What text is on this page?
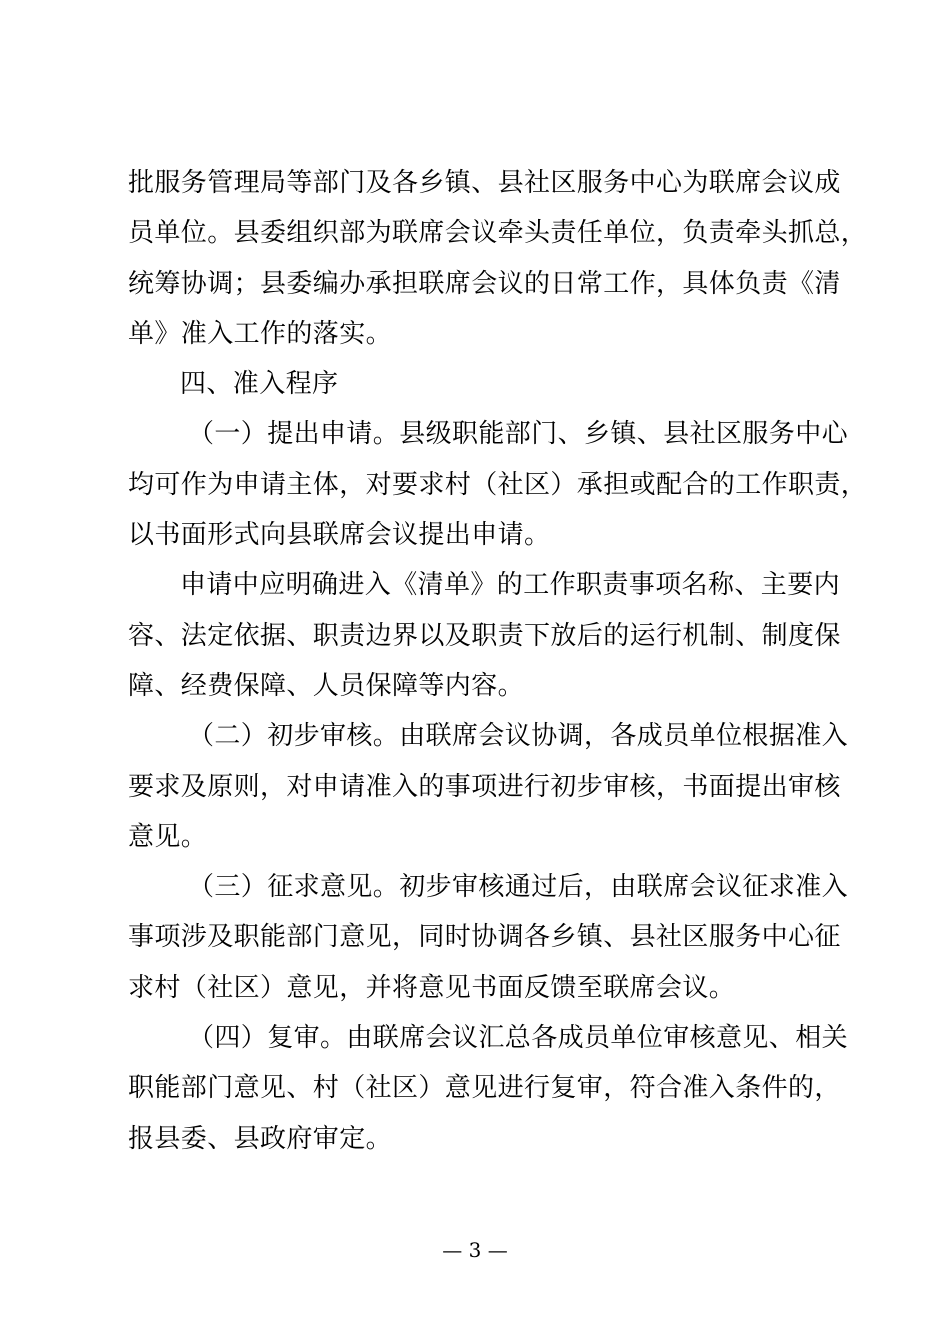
批服务管理局等部门及各乡镇、县社区服务中心为联席会议成
员单位。县委组织部为联席会议牵头责任单位，负责牵头抓总，
统筹协调；县委编办承担联席会议的日常工作，具体负责《清
单》准入工作的落实。
四、准入程序
（一）提出申请。县级职能部门、乡镇、县社区服务中心
均可作为申请主体，对要求村（社区）承担或配合的工作职责，
以书面形式向县联席会议提出申请。
申请中应明确进入《清单》的工作职责事项名称、主要内
容、法定依据、职责边界以及职责下放后的运行机制、制度保
障、经费保障、人员保障等内容。
（二）初步审核。由联席会议协调，各成员单位根据准入
要求及原则，对申请准入的事项进行初步审核，书面提出审核
意见。
（三）征求意见。初步审核通过后，由联席会议征求准入
事项涉及职能部门意见，同时协调各乡镇、县社区服务中心征
求村（社区）意见，并将意见书面反馈至联席会议。
（四）复审。由联席会议汇总各成员单位审核意见、相关
职能部门意见、村（社区）意见进行复审，符合准入条件的，
报县委、县政府审定。
— 3 —
